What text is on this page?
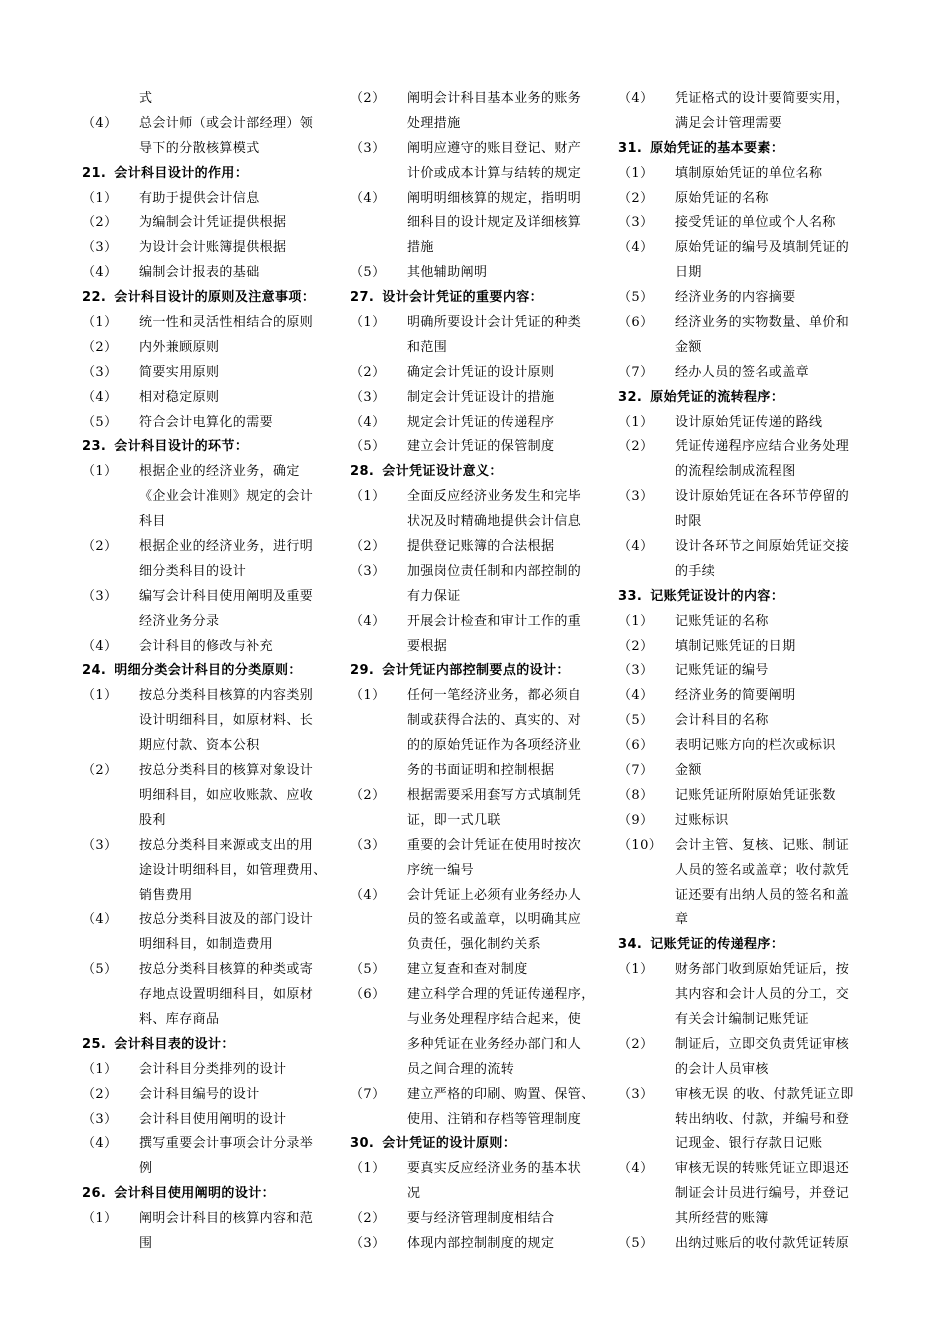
式
（4）	总会计师（或会计部经理）领
导下的分散核算模式
21. 会计科目设计的作用：
（1）	有助于提供会计信息
（2）	为编制会计凭证提供根据
（3）	为设计会计账簿提供根据
（4）	编制会计报表的基础
22. 会计科目设计的原则及注意事项：
（1）	统一性和灵活性相结合的原则
（2）	内外兼顾原则
（3）	简要实用原则
（4）	相对稳定原则
（5）	符合会计电算化的需要
23. 会计科目设计的环节：
（1）	根据企业的经济业务，确定
《企业会计准则》规定的会计
科目
（2）	根据企业的经济业务，进行明
细分类科目的设计
（3）	编写会计科目使用阐明及重要
经济业务分录
（4）	会计科目的修改与补充
24. 明细分类会计科目的分类原则：
（1）	按总分类科目核算的内容类别
设计明细科目，如原材料、长
期应付款、资本公积
（2）	按总分类科目的核算对象设计
明细科目，如应收账款、应收
股利
（3）	按总分类科目来源或支出的用
途设计明细科目，如管理费用、
销售费用
（4）	按总分类科目波及的部门设计
明细科目，如制造费用
（5）	按总分类科目核算的种类或寄
存地点设置明细科目，如原材
料、库存商品
25. 会计科目表的设计：
（1）	会计科目分类排列的设计
（2）	会计科目编号的设计
（3）	会计科目使用阐明的设计
（4）	撰写重要会计事项会计分录举
例
26. 会计科目使用阐明的设计：
（1）	阐明会计科目的核算内容和范
围
（2）	阐明会计科目基本业务的账务
处理措施
（3）	阐明应遵守的账目登记、财产
计价或成本计算与结转的规定
（4）	阐明明细核算的规定，指明明
细科目的设计规定及详细核算
措施
（5）	其他辅助阐明
27. 设计会计凭证的重要内容：
（1）	明确所要设计会计凭证的种类
和范围
（2）	确定会计凭证的设计原则
（3）	制定会计凭证设计的措施
（4）	规定会计凭证的传递程序
（5）	建立会计凭证的保管制度
28. 会计凭证设计意义：
（1）	全面反应经济业务发生和完毕
状况及时精确地提供会计信息
（2）	提供登记账簿的合法根据
（3）	加强岗位责任制和内部控制的
有力保证
（4）	开展会计检查和审计工作的重
要根据
29. 会计凭证内部控制要点的设计：
（1）	任何一笔经济业务，都必须自
制或获得合法的、真实的、对
的的原始凭证作为各项经济业
务的书面证明和控制根据
（2）	根据需要采用套写方式填制凭
证，即一式几联
（3）	重要的会计凭证在使用时按次
序统一编号
（4）	会计凭证上必须有业务经办人
员的签名或盖章，以明确其应
负责任，强化制约关系
（5）	建立复查和查对制度
（6）	建立科学合理的凭证传递程序，
与业务处理程序结合起来，使
多种凭证在业务经办部门和人
员之间合理的流转
（7）	建立严格的印刷、购置、保管、
使用、注销和存档等管理制度
30. 会计凭证的设计原则：
（1）	要真实反应经济业务的基本状
况
（2）	要与经济管理制度相结合
（3）	体现内部控制制度的规定
（4）	凭证格式的设计要简要实用，
满足会计管理需要
31. 原始凭证的基本要素：
（1）	填制原始凭证的单位名称
（2）	原始凭证的名称
（3）	接受凭证的单位或个人名称
（4）	原始凭证的编号及填制凭证的
日期
（5）	经济业务的内容摘要
（6）	经济业务的实物数量、单价和
金额
（7）	经办人员的签名或盖章
32. 原始凭证的流转程序：
（1）	设计原始凭证传递的路线
（2）	凭证传递程序应结合业务处理
的流程绘制成流程图
（3）	设计原始凭证在各环节停留的
时限
（4）	设计各环节之间原始凭证交接
的手续
33. 记账凭证设计的内容：
（1）	记账凭证的名称
（2）	填制记账凭证的日期
（3）	记账凭证的编号
（4）	经济业务的简要阐明
（5）	会计科目的名称
（6）	表明记账方向的栏次或标识
（7）	金额
（8）	记账凭证所附原始凭证张数
（9）	过账标识
（10） 会计主管、复核、记账、制证
人员的签名或盖章；收付款凭
证还要有出纳人员的签名和盖
章
34. 记账凭证的传递程序：
（1）	财务部门收到原始凭证后，按
其内容和会计人员的分工，交
有关会计编制记账凭证
（2）	制证后，立即交负责凭证审核
的会计人员审核
（3）	审核无误 的收、付款凭证立即
转出纳收、付款，并编号和登
记现金、银行存款日记账
（4）	审核无误的转账凭证立即退还
制证会计员进行编号，并登记
其所经营的账簿
（5）	出纳过账后的收付款凭证转原
